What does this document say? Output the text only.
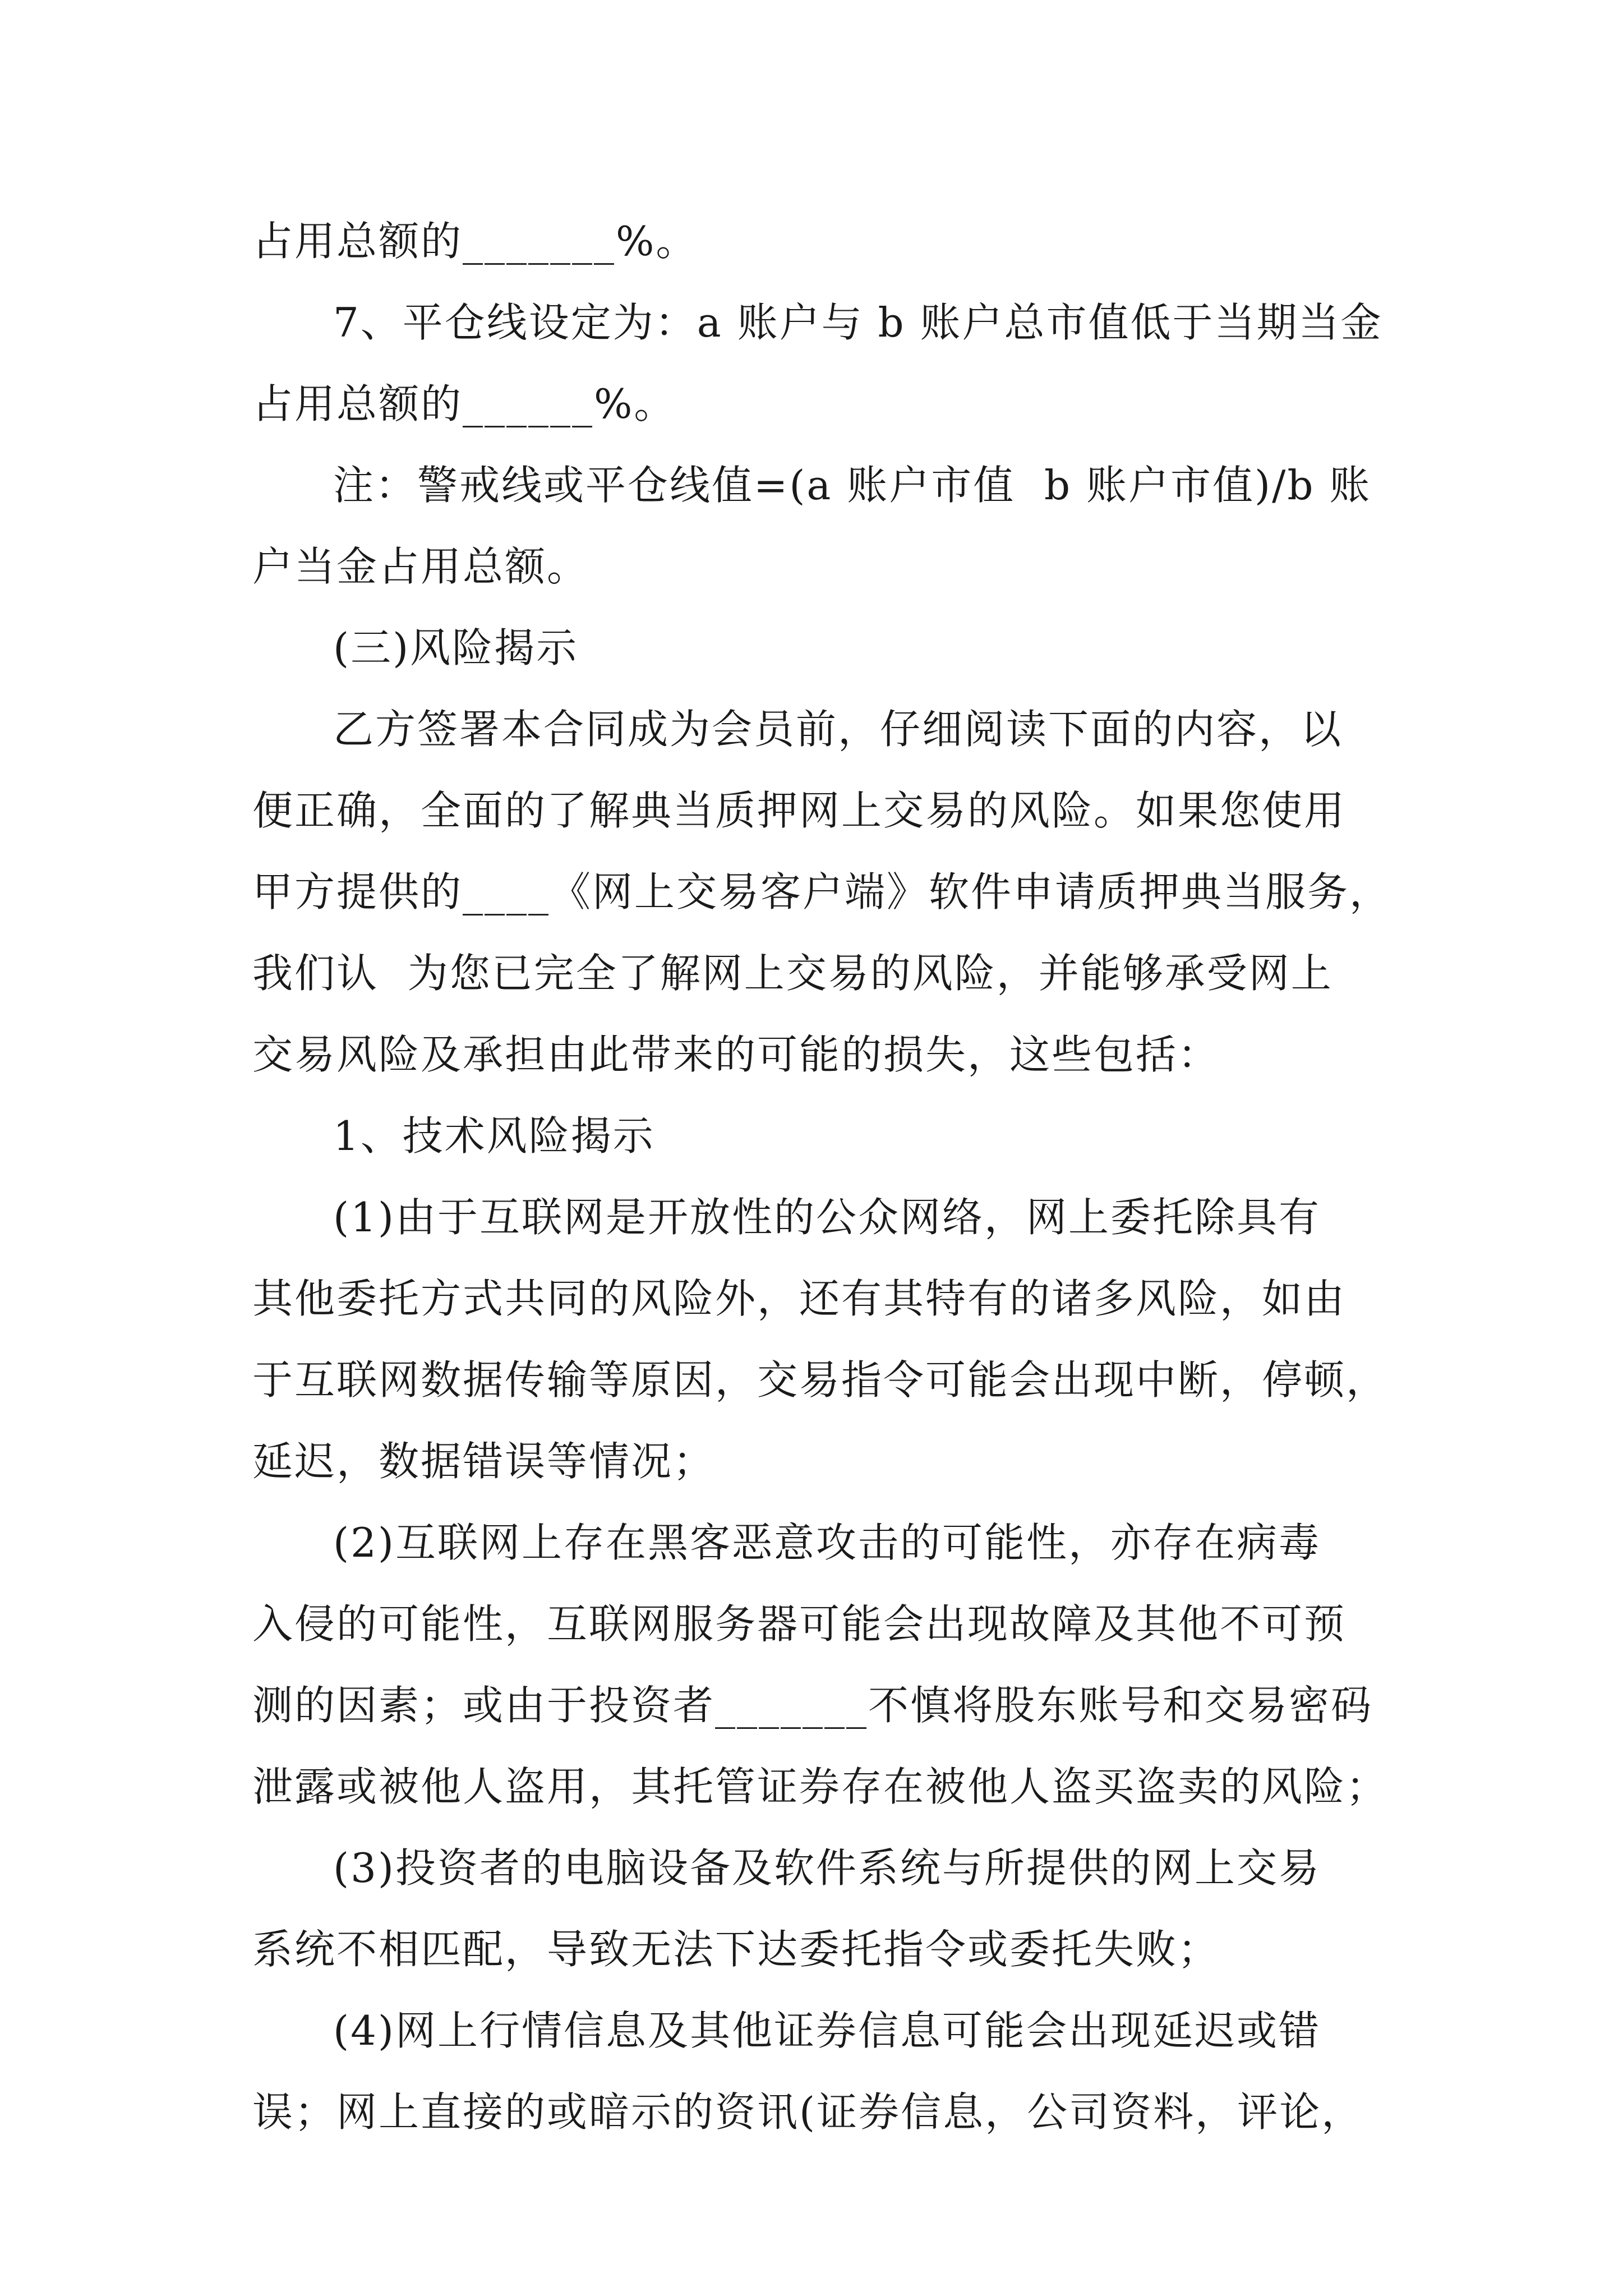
占用总额的_______%。
7、平仓线设定为：a 账户与 b 账户总市值低于当期当金
占用总额的______%。
注：警戒线或平仓线值=(a 账户市值  b 账户市值)/b 账
户当金占用总额。
(三)风险揭示
乙方签署本合同成为会员前，仔细阅读下面的内容，以
便正确，全面的了解典当质押网上交易的风险。如果您使用
甲方提供的____《网上交易客户端》软件申请质押典当服务，
我们认  为您已完全了解网上交易的风险，并能够承受网上
交易风险及承担由此带来的可能的损失，这些包括：
1、技术风险揭示
(1)由于互联网是开放性的公众网络，网上委托除具有
其他委托方式共同的风险外，还有其特有的诸多风险，如由
于互联网数据传输等原因，交易指令可能会出现中断，停顿，
延迟，数据错误等情况；
(2)互联网上存在黑客恶意攻击的可能性，亦存在病毒
入侵的可能性，互联网服务器可能会出现故障及其他不可预
测的因素；或由于投资者_______不慎将股东账号和交易密码
泄露或被他人盗用，其托管证券存在被他人盗买盗卖的风险；
(3)投资者的电脑设备及软件系统与所提供的网上交易
系统不相匹配，导致无法下达委托指令或委托失败；
(4)网上行情信息及其他证券信息可能会出现延迟或错
误；网上直接的或暗示的资讯(证券信息，公司资料，评论，
